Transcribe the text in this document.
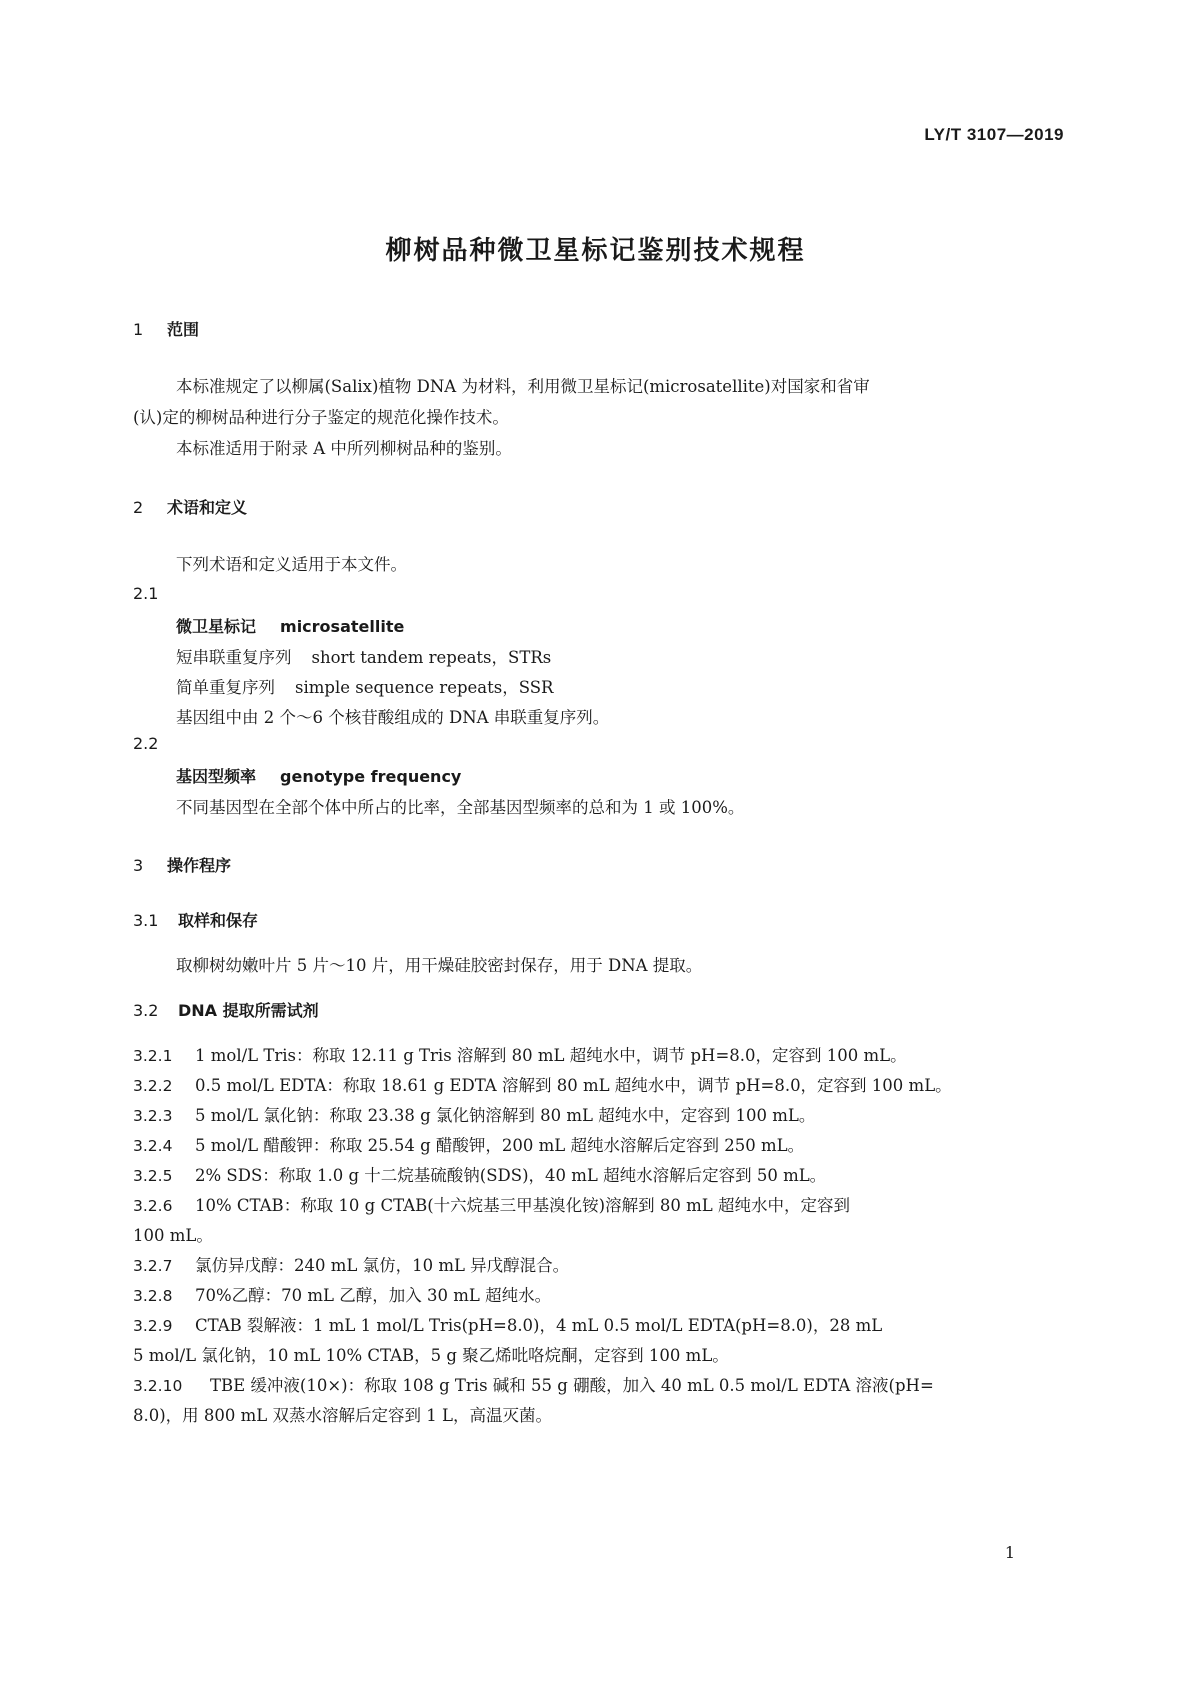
LY/T 3107—2019
柳树品种微卫星标记鉴别技术规程
1 范围
本标准规定了以柳属(Salix)植物 DNA 为材料，利用微卫星标记(microsatellite)对国家和省审
(认)定的柳树品种进行分子鉴定的规范化操作技术。
本标准适用于附录 A 中所列柳树品种的鉴别。
2 术语和定义
下列术语和定义适用于本文件。
2.1
微卫星标记 microsatellite
短串联重复序列 short tandem repeats，STRs
简单重复序列 simple sequence repeats，SSR
基因组中由 2 个～6 个核苷酸组成的 DNA 串联重复序列。
2.2
基因型频率 genotype frequency
不同基因型在全部个体中所占的比率，全部基因型频率的总和为 1 或 100%。
3 操作程序
3.1 取样和保存
取柳树幼嫩叶片 5 片～10 片，用干燥硅胶密封保存，用于 DNA 提取。
3.2 DNA 提取所需试剂
3.2.1 1 mol/L Tris：称取 12.11 g Tris 溶解到 80 mL 超纯水中，调节 pH=8.0，定容到 100 mL。
3.2.2 0.5 mol/L EDTA：称取 18.61 g EDTA 溶解到 80 mL 超纯水中，调节 pH=8.0，定容到 100 mL。
3.2.3 5 mol/L 氯化钠：称取 23.38 g 氯化钠溶解到 80 mL 超纯水中，定容到 100 mL。
3.2.4 5 mol/L 醋酸钾：称取 25.54 g 醋酸钾，200 mL 超纯水溶解后定容到 250 mL。
3.2.5 2% SDS：称取 1.0 g 十二烷基硫酸钠(SDS)，40 mL 超纯水溶解后定容到 50 mL。
3.2.6 10% CTAB：称取 10 g CTAB(十六烷基三甲基溴化铵)溶解到 80 mL 超纯水中，定容到
100 mL。
3.2.7 氯仿异戊醇：240 mL 氯仿，10 mL 异戊醇混合。
3.2.8 70%乙醇：70 mL 乙醇，加入 30 mL 超纯水。
3.2.9 CTAB 裂解液：1 mL 1 mol/L Tris(pH=8.0)，4 mL 0.5 mol/L EDTA(pH=8.0)，28 mL
5 mol/L 氯化钠，10 mL 10% CTAB，5 g 聚乙烯吡咯烷酮，定容到 100 mL。
3.2.10 TBE 缓冲液(10×)：称取 108 g Tris 碱和 55 g 硼酸，加入 40 mL 0.5 mol/L EDTA 溶液(pH=
8.0)，用 800 mL 双蒸水溶解后定容到 1 L，高温灭菌。
1
